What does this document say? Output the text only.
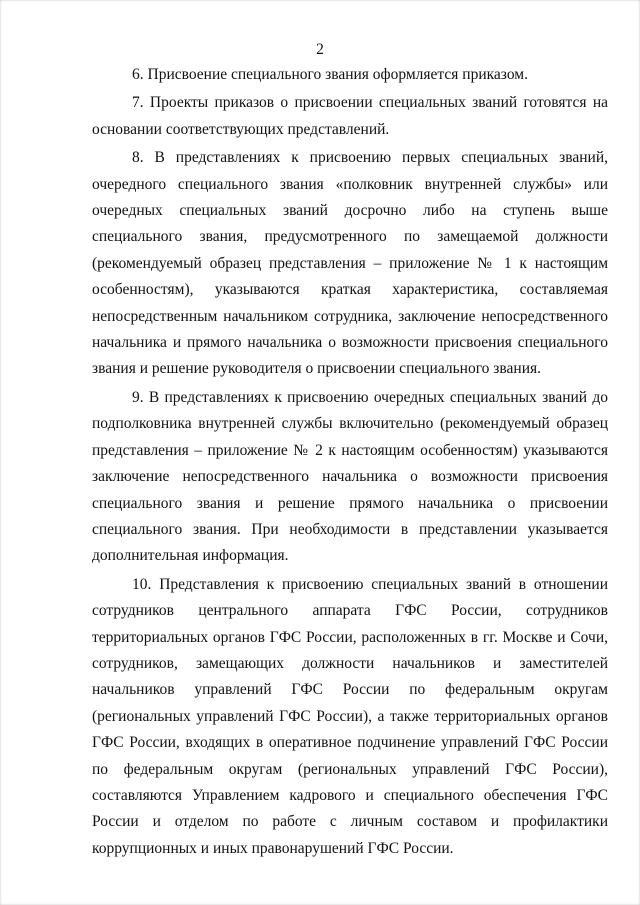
2

6. Присвоение специального звания оформляется приказом.

7. Проекты приказов о присвоении специальных званий готовятся на основании соответствующих представлений.

8. В представлениях к присвоению первых специальных званий, очередного специального звания «полковник внутренней службы» или очередных специальных званий досрочно либо на ступень выше специального звания, предусмотренного по замещаемой должности (рекомендуемый образец представления – приложение № 1 к настоящим особенностям), указываются краткая характеристика, составляемая непосредственным начальником сотрудника, заключение непосредственного начальника и прямого начальника о возможности присвоения специального звания и решение руководителя о присвоении специального звания.

9. В представлениях к присвоению очередных специальных званий до подполковника внутренней службы включительно (рекомендуемый образец представления – приложение № 2 к настоящим особенностям) указываются заключение непосредственного начальника о возможности присвоения специального звания и решение прямого начальника о присвоении специального звания. При необходимости в представлении указывается дополнительная информация.

10. Представления к присвоению специальных званий в отношении сотрудников центрального аппарата ГФС России, сотрудников территориальных органов ГФС России, расположенных в гг. Москве и Сочи, сотрудников, замещающих должности начальников и заместителей начальников управлений ГФС России по федеральным округам (региональных управлений ГФС России), а также территориальных органов ГФС России, входящих в оперативное подчинение управлений ГФС России по федеральным округам (региональных управлений ГФС России), составляются Управлением кадрового и специального обеспечения ГФС России и отделом по работе с личным составом и профилактики коррупционных и иных правонарушений ГФС России.
